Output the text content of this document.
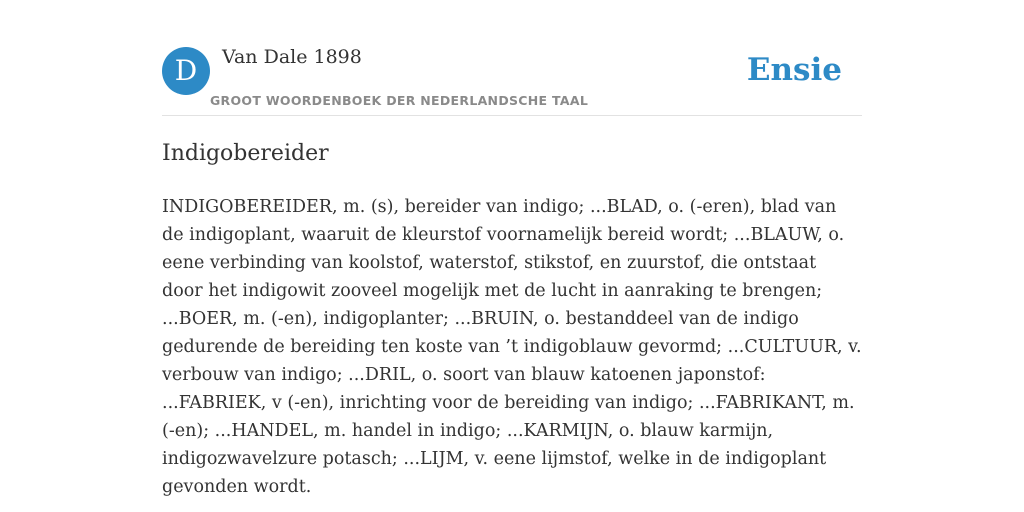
D	Van Dale 1898
GROOT WOORDENBOEK DER NEDERLANDSCHE TAAL
Ensie
Indigobereider

INDIGOBEREIDER, m. (s), bereider van indigo; ...BLAD, o. (-eren), blad van de indigoplant, waaruit de kleurstof voornamelijk bereid wordt; ...BLAUW, o. eene verbinding van koolstof, waterstof, stikstof, en zuurstof, die ontstaat door het indigowit zooveel mogelijk met de lucht in aanraking te brengen; ...BOER, m. (-en), indigoplanter; ...BRUIN, o. bestanddeel van de indigo gedurende de bereiding ten koste van ’t indigoblauw gevormd; ...CULTUUR, v. verbouw van indigo; ...DRIL, o. soort van blauw katoenen japonstof: ...FABRIEK, v (-en), inrichting voor de bereiding van indigo; ...FABRIKANT, m. (-en); ...HANDEL, m. handel in indigo; ...KARMIJN, o. blauw karmijn, indigozwavelzure potasch; ...LIJM, v. eene lijmstof, welke in de indigoplant gevonden wordt.
